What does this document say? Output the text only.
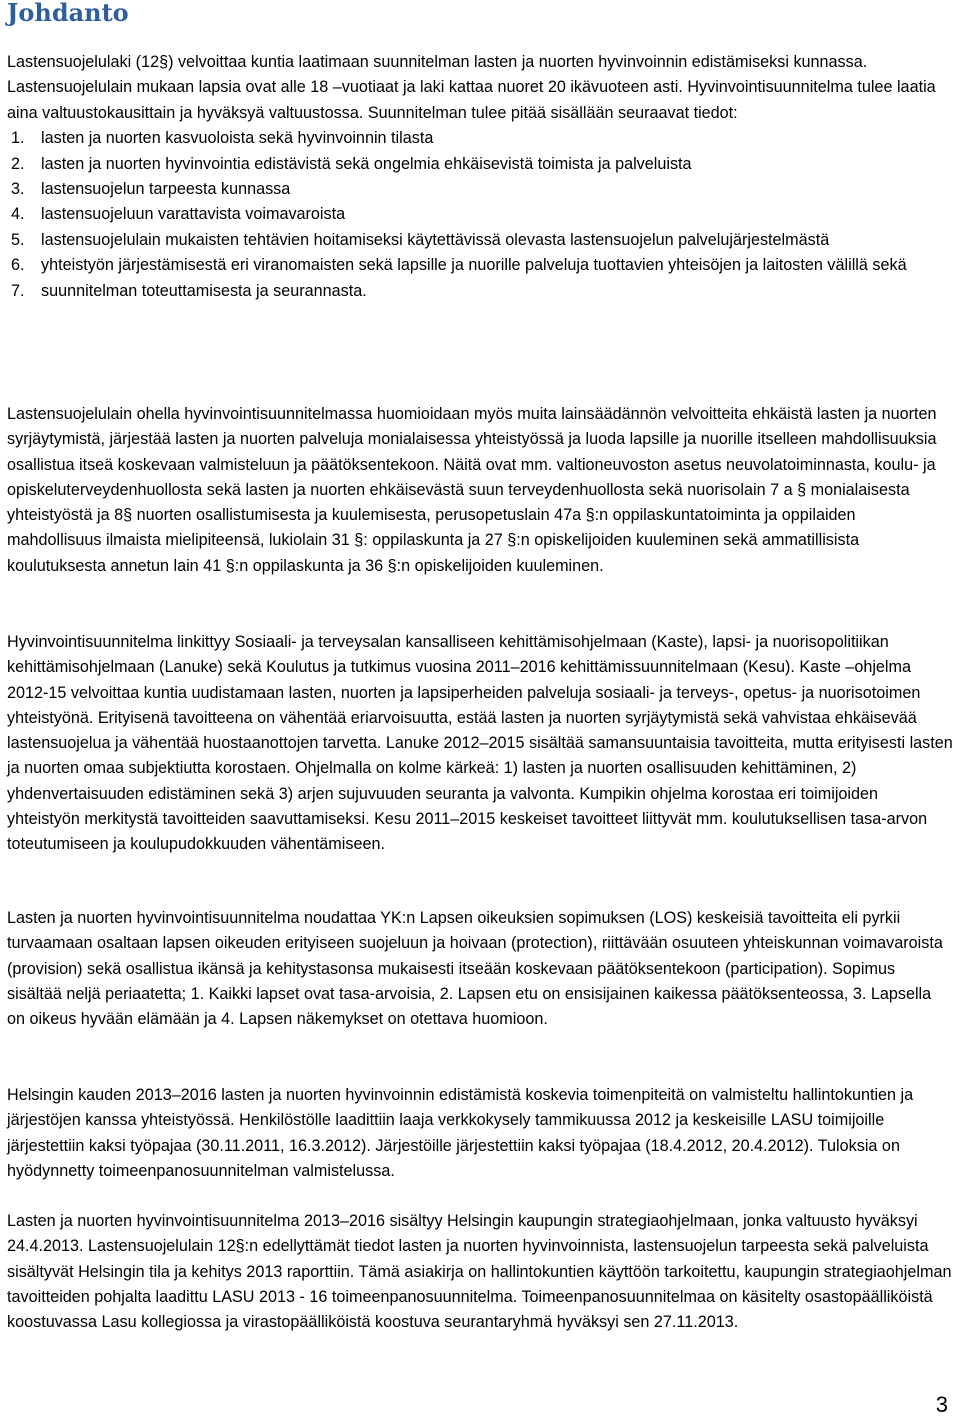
Johdanto
Lastensuojelulaki (12§) velvoittaa kuntia laatimaan suunnitelman lasten ja nuorten hyvinvoinnin edistämiseksi kunnassa. Lastensuojelulain mukaan lapsia ovat alle 18 –vuotiaat ja laki kattaa nuoret 20 ikävuoteen asti. Hyvinvointisuunnitelma tulee laatia aina valtuustokausittain ja hyväksyä valtuustossa. Suunnitelman tulee pitää sisällään seuraavat tiedot:
1.	lasten ja nuorten kasvuoloista sekä hyvinvoinnin tilasta
2.	lasten ja nuorten hyvinvointia edistävistä sekä ongelmia ehkäisevistä toimista ja palveluista
3.	lastensuojelun tarpeesta kunnassa
4.	lastensuojeluun varattavista voimavaroista
5.	lastensuojelulain mukaisten tehtävien hoitamiseksi käytettävissä olevasta lastensuojelun palvelujärjestelmästä
6.	yhteistyön järjestämisestä eri viranomaisten sekä lapsille ja nuorille palveluja tuottavien yhteisöjen ja laitosten välillä sekä
7.	suunnitelman toteuttamisesta ja seurannasta.

Lastensuojelulain ohella hyvinvointisuunnitelmassa huomioidaan myös muita lainsäädännön velvoitteita ehkäistä lasten ja nuorten syrjäytymistä, järjestää lasten ja nuorten palveluja monialaisessa yhteistyössä ja luoda lapsille ja nuorille itselleen mahdollisuuksia osallistua itseä koskevaan valmisteluun ja päätöksentekoon. Näitä ovat mm. valtioneuvoston asetus neuvolatoiminnasta, koulu- ja opiskeluterveydenhuollosta sekä lasten ja nuorten ehkäisevästä suun terveydenhuollosta sekä nuorisolain 7 a § monialaisesta yhteistyöstä ja 8§ nuorten osallistumisesta ja kuulemisesta, perusopetuslain 47a §:n oppilaskuntatoiminta ja oppilaiden mahdollisuus ilmaista mielipiteensä, lukiolain 31 §: oppilaskunta ja 27 §:n opiskelijoiden kuuleminen sekä ammatillisista koulutuksesta annetun lain 41 §:n oppilaskunta ja 36 §:n opiskelijoiden kuuleminen.

Hyvinvointisuunnitelma linkittyy Sosiaali- ja terveysalan kansalliseen kehittämisohjelmaan (Kaste), lapsi- ja nuorisopolitiikan kehittämisohjelmaan (Lanuke) sekä Koulutus ja tutkimus vuosina 2011–2016 kehittämissuunnitelmaan (Kesu). Kaste –ohjelma 2012-15 velvoittaa kuntia uudistamaan lasten, nuorten ja lapsiperheiden palveluja sosiaali- ja terveys-, opetus- ja nuorisotoimen yhteistyönä. Erityisenä tavoitteena on vähentää eriarvoisuutta, estää lasten ja nuorten syrjäytymistä sekä vahvistaa ehkäisevää lastensuojelua ja vähentää huostaanottojen tarvetta. Lanuke 2012–2015 sisältää samansuuntaisia tavoitteita, mutta erityisesti lasten ja nuorten omaa subjektiutta korostaen. Ohjelmalla on kolme kärkeä: 1) lasten ja nuorten osallisuuden kehittäminen, 2) yhdenvertaisuuden edistäminen sekä 3) arjen sujuvuuden seuranta ja valvonta. Kumpikin ohjelma korostaa eri toimijoiden yhteistyön merkitystä tavoitteiden saavuttamiseksi. Kesu 2011–2015 keskeiset tavoitteet liittyvät mm. koulutuksellisen tasa-arvon toteutumiseen ja koulupudokkuuden vähentämiseen.

Lasten ja nuorten hyvinvointisuunnitelma noudattaa YK:n Lapsen oikeuksien sopimuksen (LOS) keskeisiä tavoitteita eli pyrkii turvaamaan osaltaan lapsen oikeuden erityiseen suojeluun ja hoivaan (protection), riittävään osuuteen yhteiskunnan voimavaroista (provision) sekä osallistua ikänsä ja kehitystasonsa mukaisesti itseään koskevaan päätöksentekoon (participation). Sopimus sisältää neljä periaatetta; 1. Kaikki lapset ovat tasa-arvoisia, 2. Lapsen etu on ensisijainen kaikessa päätöksenteossa, 3. Lapsella on oikeus hyvään elämään ja 4. Lapsen näkemykset on otettava huomioon.

Helsingin kauden 2013–2016 lasten ja nuorten hyvinvoinnin edistämistä koskevia toimenpiteitä on valmisteltu hallintokuntien ja järjestöjen kanssa yhteistyössä. Henkilöstölle laadittiin laaja verkkokysely tammikuussa 2012 ja keskeisille LASU toimijoille järjestettiin kaksi työpajaa (30.11.2011, 16.3.2012). Järjestöille järjestettiin kaksi työpajaa (18.4.2012, 20.4.2012). Tuloksia on hyödynnetty toimeenpanosuunnitelman valmistelussa.

Lasten ja nuorten hyvinvointisuunnitelma 2013–2016 sisältyy Helsingin kaupungin strategiaohjelmaan, jonka valtuusto hyväksyi 24.4.2013. Lastensuojelulain 12§:n edellyttämät tiedot lasten ja nuorten hyvinvoinnista, lastensuojelun tarpeesta sekä palveluista sisältyvät Helsingin tila ja kehitys 2013 raporttiin. Tämä asiakirja on hallintokuntien käyttöön tarkoitettu, kaupungin strategiaohjelman tavoitteiden pohjalta laadittu LASU 2013 - 16 toimeenpanosuunnitelma. Toimeenpanosuunnitelmaa on käsitelty osastopäälliköistä koostuvassa Lasu kollegiossa ja virastopäälliköistä koostuva seurantaryhmä hyväksyi sen 27.11.2013.

3
